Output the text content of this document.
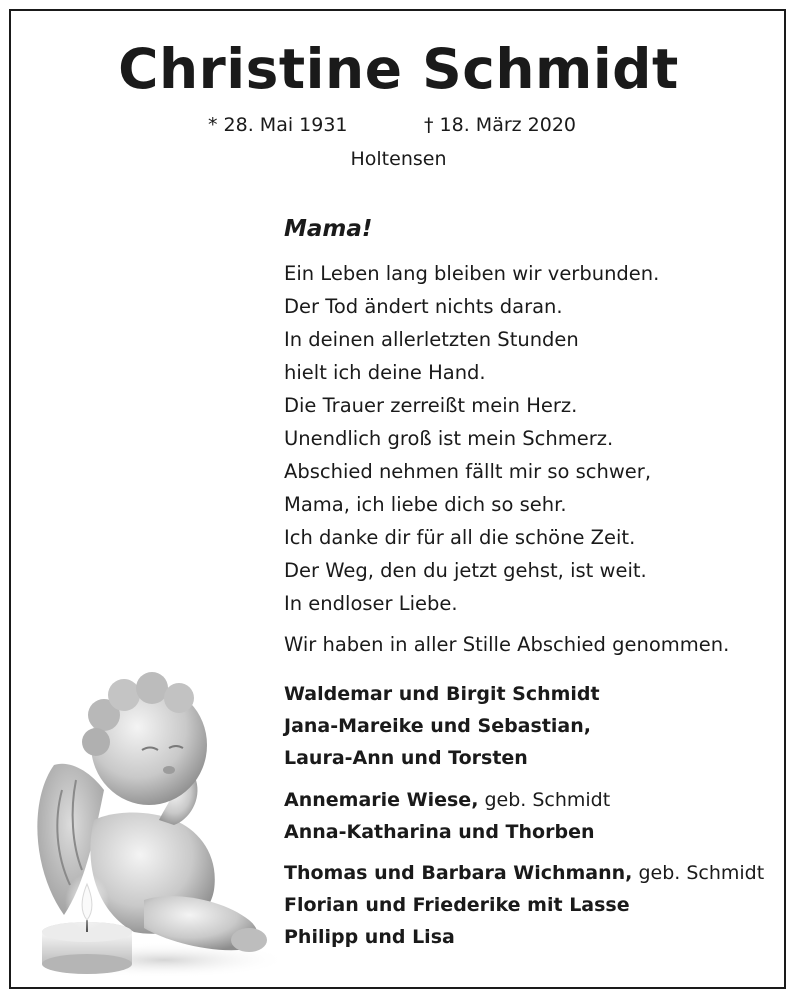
Christine Schmidt
* 28. Mai 1931	† 18. März 2020
Holtensen
Mama!
Ein Leben lang bleiben wir verbunden.
Der Tod ändert nichts daran.
In deinen allerletzten Stunden
hielt ich deine Hand.
Die Trauer zerreißt mein Herz.
Unendlich groß ist mein Schmerz.
Abschied nehmen fällt mir so schwer,
Mama, ich liebe dich so sehr.
Ich danke dir für all die schöne Zeit.
Der Weg, den du jetzt gehst, ist weit.
In endloser Liebe.
Wir haben in aller Stille Abschied genommen.
Waldemar und Birgit Schmidt
Jana-Mareike und Sebastian,
Laura-Ann und Torsten
Annemarie Wiese, geb. Schmidt
Anna-Katharina und Thorben
Thomas und Barbara Wichmann, geb. Schmidt
Florian und Friederike mit Lasse
Philipp und Lisa
